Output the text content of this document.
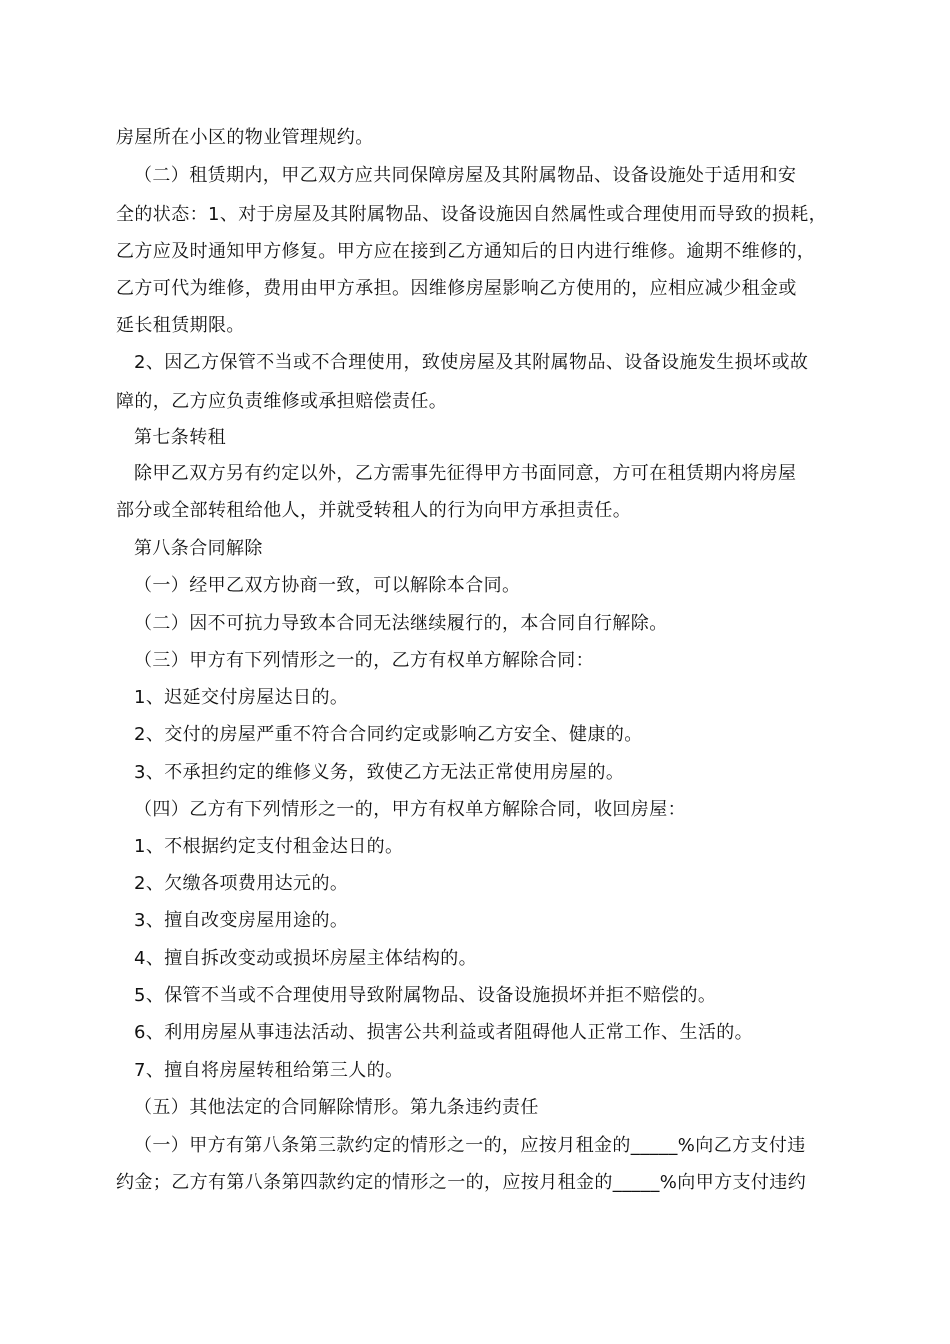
房屋所在小区的物业管理规约。
（二）租赁期内，甲乙双方应共同保障房屋及其附属物品、设备设施处于适用和安
全的状态：1、对于房屋及其附属物品、设备设施因自然属性或合理使用而导致的损耗，
乙方应及时通知甲方修复。甲方应在接到乙方通知后的日内进行维修。逾期不维修的，
乙方可代为维修，费用由甲方承担。因维修房屋影响乙方使用的，应相应减少租金或
延长租赁期限。
2、因乙方保管不当或不合理使用，致使房屋及其附属物品、设备设施发生损坏或故
障的，乙方应负责维修或承担赔偿责任。
第七条转租
除甲乙双方另有约定以外，乙方需事先征得甲方书面同意，方可在租赁期内将房屋
部分或全部转租给他人，并就受转租人的行为向甲方承担责任。
第八条合同解除
（一）经甲乙双方协商一致，可以解除本合同。
（二）因不可抗力导致本合同无法继续履行的，本合同自行解除。
（三）甲方有下列情形之一的，乙方有权单方解除合同：
1、迟延交付房屋达日的。
2、交付的房屋严重不符合合同约定或影响乙方安全、健康的。
3、不承担约定的维修义务，致使乙方无法正常使用房屋的。
（四）乙方有下列情形之一的，甲方有权单方解除合同，收回房屋：
1、不根据约定支付租金达日的。
2、欠缴各项费用达元的。
3、擅自改变房屋用途的。
4、擅自拆改变动或损坏房屋主体结构的。
5、保管不当或不合理使用导致附属物品、设备设施损坏并拒不赔偿的。
6、利用房屋从事违法活动、损害公共利益或者阻碍他人正常工作、生活的。
7、擅自将房屋转租给第三人的。
（五）其他法定的合同解除情形。第九条违约责任
（一）甲方有第八条第三款约定的情形之一的，应按月租金的_____%向乙方支付违
约金；乙方有第八条第四款约定的情形之一的，应按月租金的_____%向甲方支付违约
